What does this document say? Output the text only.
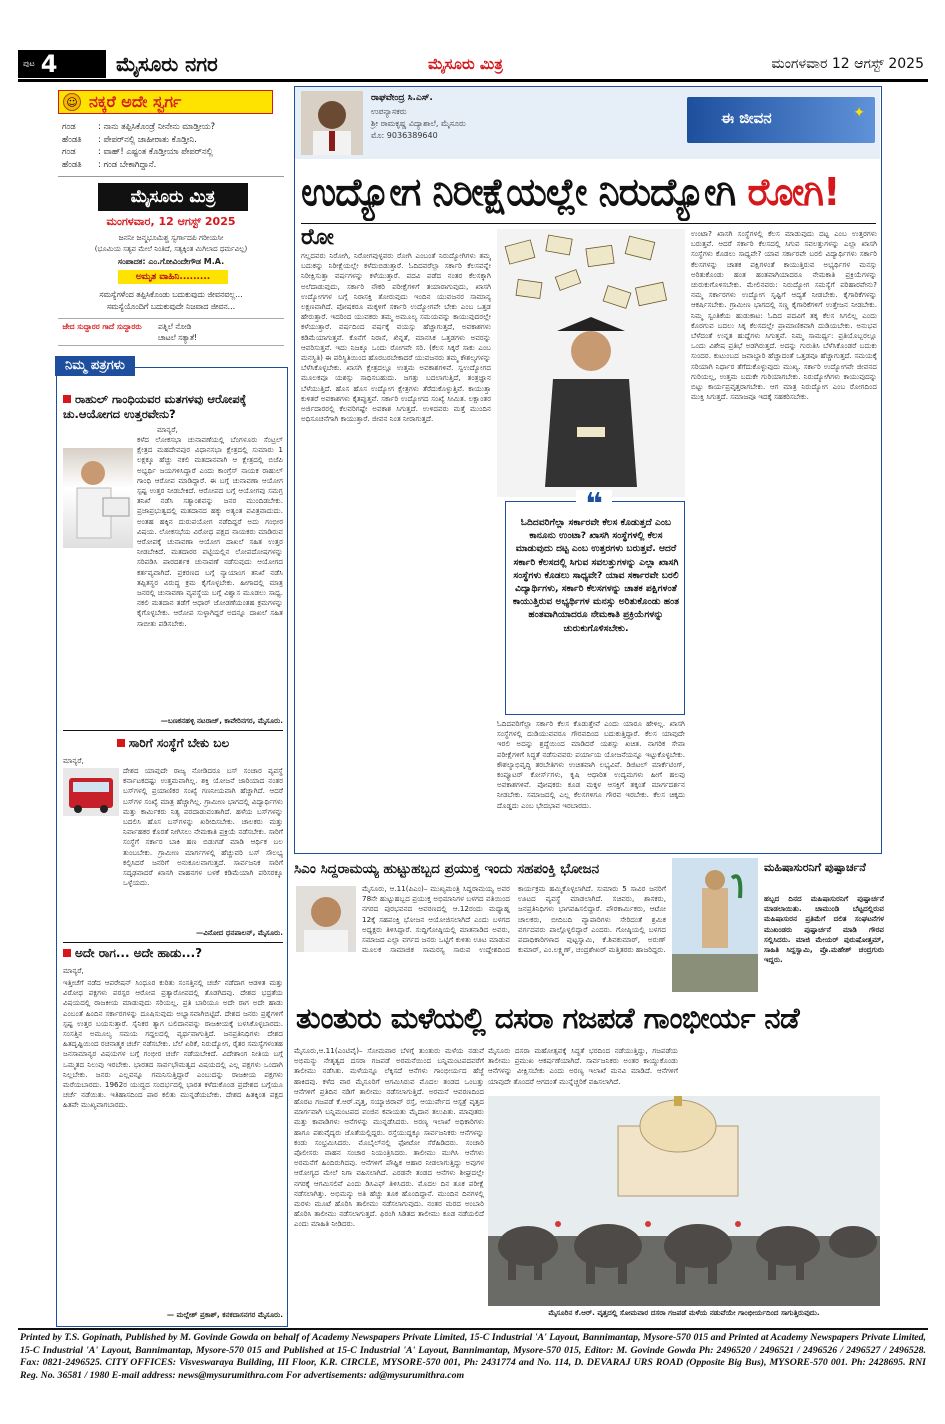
ಪುಟ 4	ಮೈಸೂರು ನಗರ	ಮೈಸೂರು ಮಿತ್ರ	ಮಂಗಳವಾರ 12 ಆಗಸ್ಟ್ 2025
☺ ನಕ್ಕರೆ ಅದೇ ಸ್ವರ್ಗ
ಗಂಡ	: ನಾನು ತಪ್ಪಿಸಿಕೊಂಡ್ರೆ ನೀನೇನು ಮಾಡ್ತೀಯ?
ಹೆಂಡತಿ : ಪೇಪರ್‌ನಲ್ಲಿ ಜಾಹೀರಾತು ಕೊಡ್ತೀನಿ.
ಗಂಡ	: ವಾಹ್! ಎಷ್ಟಂತ ಕೊಡ್ತೀಯಾ ಪೇಪರ್‌ನಲ್ಲಿ
ಹೆಂಡತಿ : ಗಂಡ ಬೇಕಾಗಿದ್ದಾನೆ.
ಮೈಸೂರು ಮಿತ್ರ
ಮಂಗಳವಾರ, 12 ಆಗಸ್ಟ್ 2025
ಜನನೀ ಜನ್ಮಭೂಮಿಶ್ಚ ಸ್ವರ್ಗಾದಪಿ ಗರೀಯಸೀ
(ಭೂಮಿಯ ಸತ್ಯವ ಮೇಲೆ ನಿಂತಿದೆ, ಸತ್ಯಕ್ಕಿಂತ ಮಿಗಿಲಾದ ಧರ್ಮವಿಲ್ಲ)
ಸಂಪಾದಕ: ಎಂ.ಗೋವಿಂದೇಗೌಡ M.A.
ಅಮೃತ ವಾಹಿನಿ.........
ಸಮಸ್ಯೆಗಳೆಂದ ತಪ್ಪಿಸಿಕೊಂಡು ಬದುಕುವುದು ಜೀವನವಲ್ಲ...
ಸಮಸ್ಯೆಯೊಂದಿಗೆ ಬದುಕುವುದೇ ನಿಜವಾದ ಜೀವನ...
ಜೇದ ಸುದ್ದಾರರ ಗಾದೆ ಸುದ್ದಾರರು ಪತ್ನಿಲೆ ನೋಡಿ
ಚಾಟಲೆ ಸತ್ಯಾತೆ!
ನಿಮ್ಮ ಪತ್ರಗಳು
ರಾಹುಲ್ ಗಾಂಧಿಯವರ ಮತಗಳವು ಆರೋಪಕ್ಕೆ ಚು.ಆಯೋಗದ ಉತ್ತರವೇನು?
ಮಾನ್ಯರೆ,
ಕಳೆದ ಲೋಕಸಭಾ ಚುನಾವಣೆಯಲ್ಲಿ ಬೆಂಗಳೂರು ಸೆಂಟ್ರಲ್ ಕ್ಷೇತ್ರದ ಮಹದೇವಪುರ ವಿಧಾನಸಭಾ ಕ್ಷೇತ್ರದಲ್ಲಿ ಸುಮಾರು 1 ಲಕ್ಷಕ್ಕೂ ಹೆಚ್ಚು ನಕಲಿ ಮತದಾನವಾಗಿ ಆ ಕ್ಷೇತ್ರದಲ್ಲಿ ಬಿಜೆಪಿ ಅಭ್ಯರ್ಥಿ ಜಯಗಳಿಸಿದ್ದಾರೆ ಎಂದು ಕಾಂಗ್ರೆಸ್ ನಾಯಕ ರಾಹುಲ್ ಗಾಂಧಿ ಆರೋಪ ಮಾಡಿದ್ದಾರೆ. ಈ ಬಗ್ಗೆ ಚುನಾವಣಾ ಆಯೋಗ ಸ್ಪಷ್ಟ ಉತ್ತರ ನೀಡಬೇಕಿದೆ. ಆರೋಪದ ಬಗ್ಗೆ ಆಯೋಗವು ಸಮಗ್ರ ತನಿಖೆ ನಡೆಸಿ ಸತ್ಯಾಂಶವನ್ನು ಜನರ ಮುಂದಿಡಬೇಕು. ಪ್ರಜಾಪ್ರಭುತ್ವದಲ್ಲಿ ಮತದಾನದ ಹಕ್ಕು ಅತ್ಯಂತ ಪವಿತ್ರವಾದುದು. ಅಂತಹ ಹಕ್ಕಿನ ದುರುಪಯೋಗ ನಡೆದಿದ್ದರೆ ಅದು ಗಂಭೀರ ವಿಷಯ. ಲೋಕಸಭೆಯ ವಿರೋಧ ಪಕ್ಷದ ನಾಯಕರು ಮಾಡಿರುವ ಆರೋಪಕ್ಕೆ ಚುನಾವಣಾ ಆಯೋಗ ದಾಖಲೆ ಸಹಿತ ಉತ್ತರ ನೀಡಬೇಕಿದೆ. ಮತದಾರರ ಪಟ್ಟಿಯಲ್ಲಿನ ಲೋಪದೋಷಗಳನ್ನು ಸರಿಪಡಿಸಿ ಪಾರದರ್ಶಕ ಚುನಾವಣೆ ನಡೆಸುವುದು ಆಯೋಗದ ಕರ್ತವ್ಯವಾಗಿದೆ. ಪ್ರಕರಣದ ಬಗ್ಗೆ ನ್ಯಾಯಾಂಗ ತನಿಖೆ ನಡೆಸಿ ತಪ್ಪಿತಸ್ಥರ ವಿರುದ್ಧ ಕ್ರಮ ಕೈಗೊಳ್ಳಬೇಕು. ಹೀಗಾದಲ್ಲಿ ಮಾತ್ರ ಜನರಲ್ಲಿ ಚುನಾವಣಾ ವ್ಯವಸ್ಥೆಯ ಬಗ್ಗೆ ವಿಶ್ವಾಸ ಮೂಡಲು ಸಾಧ್ಯ. ನಕಲಿ ಮತದಾನ ತಡೆಗೆ ಆಧಾರ್ ಜೋಡಣೆಯಂತಹ ಕ್ರಮಗಳನ್ನು ಕೈಗೊಳ್ಳಬೇಕು. ಆರೋಪ ಸುಳ್ಳಾಗಿದ್ದರೆ ಅದನ್ನೂ ದಾಖಲೆ ಸಹಿತ ಸಾಬೀತು ಪಡಿಸಬೇಕು.
—ಬಣಕನಹಳ್ಳಿ ನಟರಾಜ್, ಕಾವೇರಿನಗರ, ಮೈಸೂರು.
ಸಾರಿಗೆ ಸಂಸ್ಥೆಗೆ ಬೇಕು ಬಲ
ಮಾನ್ಯರೆ,
ದೇಶದ ಯಾವುದೇ ರಾಜ್ಯ ನೋಡಿದರೂ ಬಸ್ ಸಂಚಾರ ವ್ಯವಸ್ಥೆ ಕರ್ನಾಟಕದಷ್ಟು ಉತ್ತಮವಾಗಿಲ್ಲ. ಶಕ್ತಿ ಯೋಜನೆ ಜಾರಿಯಾದ ನಂತರ ಬಸ್‌ಗಳಲ್ಲಿ ಪ್ರಯಾಣಿಕರ ಸಂಖ್ಯೆ ಗಣನೀಯವಾಗಿ ಹೆಚ್ಚಾಗಿದೆ. ಆದರೆ ಬಸ್‌ಗಳ ಸಂಖ್ಯೆ ಮಾತ್ರ ಹೆಚ್ಚಾಗಿಲ್ಲ. ಗ್ರಾಮೀಣ ಭಾಗದಲ್ಲಿ ವಿದ್ಯಾರ್ಥಿಗಳು ಮತ್ತು ಕಾರ್ಮಿಕರು ನಿತ್ಯ ಪರದಾಡುವಂತಾಗಿದೆ. ಹಳೆಯ ಬಸ್‌ಗಳನ್ನು ಬದಲಿಸಿ ಹೊಸ ಬಸ್‌ಗಳನ್ನು ಖರೀದಿಸಬೇಕು. ಚಾಲಕರು ಮತ್ತು ನಿರ್ವಾಹಕರ ಕೊರತೆ ನೀಗಿಸಲು ನೇಮಕಾತಿ ಪ್ರಕ್ರಿಯೆ ನಡೆಸಬೇಕು. ಸಾರಿಗೆ ಸಂಸ್ಥೆಗೆ ಸರ್ಕಾರ ಬಾಕಿ ಹಣ ಬಿಡುಗಡೆ ಮಾಡಿ ಆರ್ಥಿಕ ಬಲ ತುಂಬಬೇಕು. ಗ್ರಾಮೀಣ ಮಾರ್ಗಗಳಲ್ಲಿ ಹೆಚ್ಚುವರಿ ಬಸ್ ಸೌಲಭ್ಯ ಕಲ್ಪಿಸಿದರೆ ಜನರಿಗೆ ಅನುಕೂಲವಾಗುತ್ತದೆ. ಸಾರ್ವಜನಿಕ ಸಾರಿಗೆ ಸದೃಢವಾದರೆ ಖಾಸಗಿ ವಾಹನಗಳ ಬಳಕೆ ಕಡಿಮೆಯಾಗಿ ಪರಿಸರಕ್ಕೂ ಒಳ್ಳೆಯದು.
—ವಿನೋದ ಧನಪಾಲನ್, ಮೈಸೂರು.
ಅದೇ ರಾಗ... ಅದೇ ಹಾಡು...?
ಮಾನ್ಯರೆ,
ಇತ್ತೀಚೆಗೆ ನಡೆದ ಆಪರೇಷನ್ ಸಿಂಧೂರ ಕುರಿತು ಸಂಸತ್ತಿನಲ್ಲಿ ಚರ್ಚೆ ನಡೆದಾಗ ಆಡಳಿತ ಮತ್ತು ವಿರೋಧ ಪಕ್ಷಗಳು ಪರಸ್ಪರ ಆರೋಪ ಪ್ರತ್ಯಾರೋಪದಲ್ಲಿ ತೊಡಗಿದವು. ದೇಶದ ಭದ್ರತೆಯ ವಿಷಯದಲ್ಲಿ ರಾಜಕೀಯ ಮಾಡುವುದು ಸರಿಯಲ್ಲ. ಪ್ರತಿ ಬಾರಿಯೂ ಅದೇ ರಾಗ ಅದೇ ಹಾಡು ಎಂಬಂತೆ ಹಿಂದಿನ ಸರ್ಕಾರಗಳನ್ನು ದೂಷಿಸುವುದು ಅಭ್ಯಾಸವಾಗಿಬಿಟ್ಟಿದೆ. ದೇಶದ ಜನರು ಪ್ರಶ್ನೆಗಳಿಗೆ ಸ್ಪಷ್ಟ ಉತ್ತರ ಬಯಸುತ್ತಾರೆ. ಸೈನಿಕರ ತ್ಯಾಗ ಬಲಿದಾನವನ್ನು ರಾಜಕೀಯಕ್ಕೆ ಬಳಸಿಕೊಳ್ಳಬಾರದು. ಸಂಸತ್ತಿನ ಅಮೂಲ್ಯ ಸಮಯ ಗದ್ದಲದಲ್ಲಿ ವ್ಯರ್ಥವಾಗುತ್ತಿದೆ. ಜನಪ್ರತಿನಿಧಿಗಳು ದೇಶದ ಹಿತದೃಷ್ಟಿಯಿಂದ ರಚನಾತ್ಮಕ ಚರ್ಚೆ ನಡೆಸಬೇಕು. ಬೆಲೆ ಏರಿಕೆ, ನಿರುದ್ಯೋಗ, ರೈತರ ಸಮಸ್ಯೆಗಳಂತಹ ಜನಸಾಮಾನ್ಯರ ವಿಷಯಗಳ ಬಗ್ಗೆ ಗಂಭೀರ ಚರ್ಚೆ ನಡೆಯಬೇಕಿದೆ. ವಿದೇಶಾಂಗ ನೀತಿಯ ಬಗ್ಗೆ ಒಮ್ಮತದ ನಿಲುವು ಇರಬೇಕು. ಭಾರತದ ಸಾರ್ವಭೌಮತ್ವದ ವಿಷಯದಲ್ಲಿ ಎಲ್ಲ ಪಕ್ಷಗಳು ಒಂದಾಗಿ ನಿಲ್ಲಬೇಕು. ಜನರು ಎಲ್ಲವನ್ನೂ ಗಮನಿಸುತ್ತಿದ್ದಾರೆ ಎಂಬುದನ್ನು ರಾಜಕೀಯ ಪಕ್ಷಗಳು ಮರೆಯಬಾರದು. 1962ರ ಯುದ್ಧದ ಸಂದರ್ಭದಲ್ಲಿ ಭಾರತ ಕಳೆದುಕೊಂಡ ಪ್ರದೇಶದ ಬಗ್ಗೆಯೂ ಚರ್ಚೆ ನಡೆಯಿತು. ಇತಿಹಾಸದಿಂದ ಪಾಠ ಕಲಿತು ಮುನ್ನಡೆಯಬೇಕು. ದೇಶದ ಹಿತಕ್ಕಿಂತ ಪಕ್ಷದ ಹಿತವೇ ಮುಖ್ಯವಾಗಬಾರದು.
— ಮಲ್ಲೇಶ್ ಪ್ರಕಾಶ್, ಕನಕದಾಸನಗರ ಮೈಸೂರು.
ರಾಘವೇಂದ್ರ ಸಿ.ಎಸ್.
ಉಪನ್ಯಾಸಕರು
ಶ್ರೀ ರಾಮಕೃಷ್ಣ ವಿದ್ಯಾಶಾಲೆ, ಮೈಸೂರು
ಮೊ: 9036389640
ಈ ಜೀವನ	✦
ಉದ್ಯೋಗ ನಿರೀಕ್ಷೆಯಲ್ಲೇ ನಿರುದ್ಯೋಗಿ ರೋಗಿ!
ರೋ
ಗಲ್ಲದವರು ನಿರೋಗಿ, ನಿರೋಗವುಳ್ಳವರು ರೋಗಿ ಎಂಬಂತೆ ನಿರುದ್ಯೋಗಿಗಳು ತಮ್ಮ ಬದುಕನ್ನು ನಿರೀಕ್ಷೆಯಲ್ಲೇ ಕಳೆದುಬಿಡುತ್ತಾರೆ. ಓದಿದವರೆಲ್ಲಾ ಸರ್ಕಾರಿ ಕೆಲಸವನ್ನೇ ನಿರೀಕ್ಷಿಸುತ್ತಾ ವರ್ಷಗಳನ್ನು ಕಳೆಯುತ್ತಾರೆ. ಪದವಿ ಪಡೆದ ನಂತರ ಕೆಲಸಕ್ಕಾಗಿ ಅಲೆದಾಡುವುದು, ಸರ್ಕಾರಿ ನೌಕರಿ ಪರೀಕ್ಷೆಗಳಿಗೆ ತಯಾರಾಗುವುದು, ಖಾಸಗಿ ಉದ್ಯೋಗಗಳ ಬಗ್ಗೆ ನಿರಾಸಕ್ತಿ ತೋರುವುದು ಇಂದಿನ ಯುವಜನರ ಸಾಮಾನ್ಯ ಲಕ್ಷಣವಾಗಿದೆ. ಪೋಷಕರೂ ಮಕ್ಕಳಿಗೆ ಸರ್ಕಾರಿ ಉದ್ಯೋಗವೇ ಬೇಕು ಎಂಬ ಒತ್ತಡ ಹೇರುತ್ತಾರೆ. ಇದರಿಂದ ಯುವಕರು ತಮ್ಮ ಅಮೂಲ್ಯ ಸಮಯವನ್ನು ಕಾಯುವುದರಲ್ಲೇ ಕಳೆಯುತ್ತಾರೆ. ವರ್ಷದಿಂದ ವರ್ಷಕ್ಕೆ ವಯಸ್ಸು ಹೆಚ್ಚಾಗುತ್ತದೆ, ಅವಕಾಶಗಳು ಕಡಿಮೆಯಾಗುತ್ತವೆ. ಕೊನೆಗೆ ನಿರಾಸೆ, ಖಿನ್ನತೆ, ಮಾನಸಿಕ ಒತ್ತಡಗಳು ಅವರನ್ನು ಆವರಿಸುತ್ತವೆ. ಇದು ನಿಜಕ್ಕೂ ಒಂದು ರೋಗವೇ ಸರಿ. (ಕೆಲಸ ಸಿಕ್ಕರೆ ಸಾಕು ಎಂಬ ಮನಸ್ಥಿತಿ) ಈ ಪರಿಸ್ಥಿತಿಯಿಂದ ಹೊರಬರಬೇಕಾದರೆ ಯುವಜನರು ತಮ್ಮ ಕೌಶಲ್ಯಗಳನ್ನು ಬೆಳೆಸಿಕೊಳ್ಳಬೇಕು. ಖಾಸಗಿ ಕ್ಷೇತ್ರದಲ್ಲೂ ಉತ್ತಮ ಅವಕಾಶಗಳಿವೆ. ಸ್ವಉದ್ಯೋಗದ ಮೂಲಕವೂ ಯಶಸ್ಸು ಸಾಧಿಸಬಹುದು. ಜಗತ್ತು ಬದಲಾಗುತ್ತಿದೆ, ತಂತ್ರಜ್ಞಾನ ಬೆಳೆಯುತ್ತಿದೆ. ಹೊಸ ಹೊಸ ಉದ್ಯೋಗ ಕ್ಷೇತ್ರಗಳು ತೆರೆದುಕೊಳ್ಳುತ್ತಿವೆ. ಕಾಯುತ್ತಾ ಕುಳಿತರೆ ಅವಕಾಶಗಳು ಕೈತಪ್ಪುತ್ತವೆ. ಸರ್ಕಾರಿ ಉದ್ಯೋಗದ ಸಂಖ್ಯೆ ಸೀಮಿತ. ಲಕ್ಷಾಂತರ ಅರ್ಜಿದಾರರಲ್ಲಿ ಕೆಲವರಿಗಷ್ಟೇ ಅವಕಾಶ ಸಿಗುತ್ತದೆ. ಉಳಿದವರು ಮತ್ತೆ ಮುಂದಿನ ಅಧಿಸೂಚನೆಗಾಗಿ ಕಾಯುತ್ತಾರೆ. ಜೀವನ ನಿಂತ ನೀರಾಗುತ್ತದೆ.
❝
ಓದಿದವರಿಗೆಲ್ಲಾ ಸರ್ಕಾರವೇ ಕೆಲಸ ಕೊಡುತ್ತದೆ ಎಂಬ ಕಾನೂನು ಉಂಟಾ? ಖಾಸಗಿ ಸಂಸ್ಥೆಗಳಲ್ಲಿ ಕೆಲಸ ಮಾಡುವುದು ದಟ್ಟ ಎಂಬ ಉತ್ತರಗಳು ಬರುತ್ತವೆ. ಆದರೆ ಸರ್ಕಾರಿ ಕೆಲಸದಲ್ಲಿ ಸಿಗುವ ಸವಲತ್ತುಗಳನ್ನು ಎಲ್ಲಾ ಖಾಸಗಿ ಸಂಸ್ಥೆಗಳು ಕೊಡಲು ಸಾಧ್ಯವೇ? ಯಾವ ಸರ್ಕಾರವೇ ಬರಲಿ ವಿದ್ಯಾರ್ಥಿಗಳು, ಸರ್ಕಾರಿ ಕೆಲಸಗಳನ್ನು ಚಾತಕ ಪಕ್ಷಿಗಳಂತೆ ಕಾಯುತ್ತಿರುವ ಅಭ್ಯರ್ಥಿಗಳ ಮನಸ್ಸು ಅರಿತುಕೊಂಡು ಹಂತ ಹಂತವಾಗಿಯಾದರೂ ನೇಮಕಾತಿ ಪ್ರಕ್ರಿಯೆಗಳನ್ನು ಚುರುಕುಗೊಳಿಸಬೇಕು.
ಓದಿದವರಿಗೆಲ್ಲಾ ಸರ್ಕಾರಿ ಕೆಲಸ ಕೊಡುತ್ತೇವೆ ಎಂದು ಯಾರೂ ಹೇಳಿಲ್ಲ. ಖಾಸಗಿ ಸಂಸ್ಥೆಗಳಲ್ಲಿ ದುಡಿಯುವವರೂ ಗೌರವದಿಂದ ಬದುಕುತ್ತಿದ್ದಾರೆ. ಕೆಲಸ ಯಾವುದೇ ಇರಲಿ ಅದನ್ನು ಶ್ರದ್ಧೆಯಿಂದ ಮಾಡಿದರೆ ಯಶಸ್ಸು ಖಚಿತ. ನಾಗರಿಕ ಸೇವಾ ಪರೀಕ್ಷೆಗಳಿಗೆ ಸಿದ್ಧತೆ ನಡೆಸುವವರು ಪರ್ಯಾಯ ಯೋಜನೆಯನ್ನೂ ಇಟ್ಟುಕೊಳ್ಳಬೇಕು. ಕೌಶಲ್ಯಾಭಿವೃದ್ಧಿ ತರಬೇತಿಗಳು ಉಚಿತವಾಗಿ ಲಭ್ಯವಿವೆ. ಡಿಜಿಟಲ್ ಮಾರ್ಕೆಟಿಂಗ್, ಕಂಪ್ಯೂಟರ್ ಕೋರ್ಸ್‌ಗಳು, ಕೃಷಿ ಆಧಾರಿತ ಉದ್ಯಮಗಳು ಹೀಗೆ ಹಲವು ಅವಕಾಶಗಳಿವೆ. ಪೋಷಕರು ಕೂಡ ಮಕ್ಕಳ ಆಸಕ್ತಿಗೆ ತಕ್ಕಂತೆ ಮಾರ್ಗದರ್ಶನ ನೀಡಬೇಕು. ಸಮಾಜದಲ್ಲಿ ಎಲ್ಲ ಕೆಲಸಗಳಿಗೂ ಗೌರವ ಇರಬೇಕು. ಕೆಲಸ ಚಿಕ್ಕದು ದೊಡ್ಡದು ಎಂಬ ಭೇದಭಾವ ಇರಬಾರದು.
ಉಂಟಾ? ಖಾಸಗಿ ಸಂಸ್ಥೆಗಳಲ್ಲಿ ಕೆಲಸ ಮಾಡುವುದು ದಟ್ಟ ಎಂಬ ಉತ್ತರಗಳು ಬರುತ್ತವೆ. ಆದರೆ ಸರ್ಕಾರಿ ಕೆಲಸದಲ್ಲಿ ಸಿಗುವ ಸವಲತ್ತುಗಳನ್ನು ಎಲ್ಲಾ ಖಾಸಗಿ ಸಂಸ್ಥೆಗಳು ಕೊಡಲು ಸಾಧ್ಯವೇ? ಯಾವ ಸರ್ಕಾರವೇ ಬರಲಿ ವಿದ್ಯಾರ್ಥಿಗಳು ಸರ್ಕಾರಿ ಕೆಲಸಗಳನ್ನು ಚಾತಕ ಪಕ್ಷಿಗಳಂತೆ ಕಾಯುತ್ತಿರುವ ಅಭ್ಯರ್ಥಿಗಳ ಮನಸ್ಸು ಅರಿತುಕೊಂಡು ಹಂತ ಹಂತವಾಗಿಯಾದರೂ ನೇಮಕಾತಿ ಪ್ರಕ್ರಿಯೆಗಳನ್ನು ಚುರುಕುಗೊಳಿಸಬೇಕು. ಮೇಲಿನವರು: ನಿರುದ್ಯೋಗ ಸಮಸ್ಯೆಗೆ ಪರಿಹಾರವೇನು? ನಮ್ಮ ಸರ್ಕಾರಗಳು ಉದ್ಯೋಗ ಸೃಷ್ಟಿಗೆ ಆದ್ಯತೆ ನೀಡಬೇಕು. ಕೈಗಾರಿಕೆಗಳನ್ನು ಆಕರ್ಷಿಸಬೇಕು. ಗ್ರಾಮೀಣ ಭಾಗದಲ್ಲಿ ಸಣ್ಣ ಕೈಗಾರಿಕೆಗಳಿಗೆ ಉತ್ತೇಜನ ನೀಡಬೇಕು. ನಿಮ್ಮ ಸ್ವಂತಿಕೆಯ ಹುಡುಕಾಟ: ಓದಿದ ಪದವಿಗೆ ತಕ್ಕ ಕೆಲಸ ಸಿಗಲಿಲ್ಲ ಎಂದು ಕೊರಗುವ ಬದಲು ಸಿಕ್ಕ ಕೆಲಸದಲ್ಲೇ ಪ್ರಾಮಾಣಿಕವಾಗಿ ದುಡಿಯಬೇಕು. ಅನುಭವ ಬೆಳೆದಂತೆ ಉನ್ನತ ಹುದ್ದೆಗಳು ಸಿಗುತ್ತವೆ. ನಿಮ್ಮ ಸಾಮರ್ಥ್ಯ: ಪ್ರತಿಯೊಬ್ಬರಲ್ಲೂ ಒಂದು ವಿಶೇಷ ಪ್ರತಿಭೆ ಅಡಗಿರುತ್ತದೆ. ಅದನ್ನು ಗುರುತಿಸಿ ಬೆಳೆಸಿಕೊಂಡರೆ ಬದುಕು ಸುಂದರ. ಕುಟುಂಬದ ಜವಾಬ್ದಾರಿ ಹೆಚ್ಚಾದಂತೆ ಒತ್ತಡವೂ ಹೆಚ್ಚಾಗುತ್ತದೆ. ಸಮಯಕ್ಕೆ ಸರಿಯಾಗಿ ನಿರ್ಧಾರ ತೆಗೆದುಕೊಳ್ಳುವುದು ಮುಖ್ಯ. ಸರ್ಕಾರಿ ಉದ್ಯೋಗವೇ ಜೀವನದ ಗುರಿಯಲ್ಲ, ಉತ್ತಮ ಬದುಕೇ ಗುರಿಯಾಗಬೇಕು. ನಿರುದ್ಯೋಗಿಗಳು ಕಾಯುವುದನ್ನು ಬಿಟ್ಟು ಕಾರ್ಯಪ್ರವೃತ್ತರಾಗಬೇಕು. ಆಗ ಮಾತ್ರ ನಿರುದ್ಯೋಗ ಎಂಬ ರೋಗದಿಂದ ಮುಕ್ತಿ ಸಿಗುತ್ತದೆ. ಸಮಾಜವೂ ಇದಕ್ಕೆ ಸಹಕರಿಸಬೇಕು.
ಸಿಎಂ ಸಿದ್ದರಾಮಯ್ಯ ಹುಟ್ಟುಹಬ್ಬದ ಪ್ರಯುಕ್ತ ಇಂದು ಸಹಪಂಕ್ತಿ ಭೋಜನ
ಮೈಸೂರು, ಆ.11(ಪಿಎಂ)– ಮುಖ್ಯಮಂತ್ರಿ ಸಿದ್ದರಾಮಯ್ಯ ಅವರ 78ನೇ ಹುಟ್ಟುಹಬ್ಬದ ಪ್ರಯುಕ್ತ ಅಭಿಮಾನಿಗಳ ಬಳಗದ ವತಿಯಿಂದ ನಗರದ ಪುರಭವನದ ಆವರಣದಲ್ಲಿ ಆ.12ರಂದು ಮಧ್ಯಾಹ್ನ 12ಕ್ಕೆ ಸಹಪಂಕ್ತಿ ಭೋಜನ ಆಯೋಜಿಸಲಾಗಿದೆ ಎಂದು ಬಳಗದ ಅಧ್ಯಕ್ಷರು ತಿಳಿಸಿದ್ದಾರೆ. ಸುದ್ದಿಗೋಷ್ಠಿಯಲ್ಲಿ ಮಾತನಾಡಿದ ಅವರು, ಸಮಾಜದ ಎಲ್ಲಾ ವರ್ಗದ ಜನರು ಒಟ್ಟಿಗೆ ಕುಳಿತು ಊಟ ಮಾಡುವ ಮೂಲಕ ಸಾಮಾಜಿಕ ಸಾಮರಸ್ಯ ಸಾರುವ ಉದ್ದೇಶದಿಂದ ಕಾರ್ಯಕ್ರಮ ಹಮ್ಮಿಕೊಳ್ಳಲಾಗಿದೆ. ಸುಮಾರು 5 ಸಾವಿರ ಜನರಿಗೆ ಊಟದ ವ್ಯವಸ್ಥೆ ಮಾಡಲಾಗಿದೆ. ಸಚಿವರು, ಶಾಸಕರು, ಜನಪ್ರತಿನಿಧಿಗಳು ಭಾಗವಹಿಸಲಿದ್ದಾರೆ. ಪೌರಕಾರ್ಮಿಕರು, ಆಟೋ ಚಾಲಕರು, ಬೀದಿಬದಿ ವ್ಯಾಪಾರಿಗಳು ಸೇರಿದಂತೆ ಶ್ರಮಿಕ ವರ್ಗದವರು ಪಾಲ್ಗೊಳ್ಳಲಿದ್ದಾರೆ ಎಂದರು. ಗೋಷ್ಠಿಯಲ್ಲಿ ಬಳಗದ ಪದಾಧಿಕಾರಿಗಳಾದ ಪುಟ್ಟಸ್ವಾಮಿ, ಕೆ.ಶಿವಕುಮಾರ್, ಅರುಣ್ ಕುಮಾರ್, ಎಂ.ಲಕ್ಷ್ಮಣ್, ಚಂದ್ರಶೇಖರ್ ಮತ್ತಿತರರು ಹಾಜರಿದ್ದರು.
ಮಹಿಷಾಸುರನಿಗೆ ಪುಷ್ಪಾರ್ಚನೆ
ಹಬ್ಬದ ದಿನದ ಮಹಿಷಾಸುರನಿಗೆ ಪುಷ್ಪಾರ್ಚನೆ ಮಾಡಲಾಯಿತು. ಚಾಮುಂಡಿ ಬೆಟ್ಟದಲ್ಲಿರುವ ಮಹಿಷಾಸುರನ ಪ್ರತಿಮೆಗೆ ದಲಿತ ಸಂಘಟನೆಗಳ ಮುಖಂಡರು ಪುಷ್ಪಾರ್ಚನೆ ಮಾಡಿ ಗೌರವ ಸಲ್ಲಿಸಿದರು. ಮಾಜಿ ಮೇಯರ್ ಪುರುಷೋತ್ತಮ್, ಸಾಹಿತಿ ಸಿದ್ದಸ್ವಾಮಿ, ಪ್ರೊ.ಮಹೇಶ್ ಚಂದ್ರಗುರು ಇದ್ದರು.
ತುಂತುರು ಮಳೆಯಲ್ಲಿ ದಸರಾ ಗಜಪಡೆ ಗಾಂಭೀರ್ಯ ನಡೆ
ಮೈಸೂರು,ಆ.11(ಎಂಟಿವೈ)– ಸೋಮವಾರ ಬೆಳಗ್ಗೆ ತುಂತುರು ಮಳೆಯ ನಡುವೆ ಅಭಿಮನ್ಯು ನೇತೃತ್ವದ ದಸರಾ ಗಜಪಡೆ ಅರಮನೆಯಿಂದ ಬನ್ನಿಮಂಟಪದವರೆಗೆ ತಾಲೀಮು ನಡೆಸಿತು. ಮಳೆಯನ್ನೂ ಲೆಕ್ಕಿಸದೆ ಆನೆಗಳು ಗಾಂಭೀರ್ಯದ ಹೆಜ್ಜೆ ಹಾಕಿದವು. ಕಳೆದ ವಾರ ಮೈಸೂರಿಗೆ ಆಗಮಿಸಿರುವ ಮೊದಲ ತಂಡದ ಒಂಬತ್ತು ಆನೆಗಳಿಗೆ ಪ್ರತಿದಿನ ನಡಿಗೆ ತಾಲೀಮು ನಡೆಸಲಾಗುತ್ತಿದೆ. ಅರಮನೆ ಆವರಣದಿಂದ ಹೊರಟ ಗಜಪಡೆ ಕೆ.ಆರ್.ವೃತ್ತ, ಸಯ್ಯಾಜಿರಾವ್ ರಸ್ತೆ, ಆಯುರ್ವೇದ ಆಸ್ಪತ್ರೆ ವೃತ್ತದ ಮಾರ್ಗವಾಗಿ ಬನ್ನಿಮಂಟಪದ ಪಂಜಿನ ಕವಾಯತು ಮೈದಾನ ತಲುಪಿತು. ಮಾವುತರು ಮತ್ತು ಕಾವಾಡಿಗಳು ಆನೆಗಳನ್ನು ಮುನ್ನಡೆಸಿದರು. ಅರಣ್ಯ ಇಲಾಖೆ ಅಧಿಕಾರಿಗಳು ಹಾಗೂ ಪಶುವೈದ್ಯರು ಜೊತೆಯಲ್ಲಿದ್ದರು. ರಸ್ತೆಯುದ್ದಕ್ಕೂ ಸಾರ್ವಜನಿಕರು ಆನೆಗಳನ್ನು ಕಂಡು ಸಂಭ್ರಮಿಸಿದರು. ಮೊಬೈಲ್‌ನಲ್ಲಿ ಫೋಟೋ ಸೆರೆಹಿಡಿದರು. ಸಂಚಾರಿ ಪೊಲೀಸರು ವಾಹನ ಸಂಚಾರ ನಿಯಂತ್ರಿಸಿದರು. ತಾಲೀಮು ಮುಗಿಸಿ ಆನೆಗಳು ಅರಮನೆಗೆ ಹಿಂದಿರುಗಿದವು. ಆನೆಗಳಿಗೆ ಪೌಷ್ಟಿಕ ಆಹಾರ ನೀಡಲಾಗುತ್ತಿದ್ದು ಅವುಗಳ ಆರೋಗ್ಯದ ಮೇಲೆ ನಿಗಾ ವಹಿಸಲಾಗಿದೆ. ಎರಡನೇ ತಂಡದ ಆನೆಗಳು ಶೀಘ್ರದಲ್ಲೇ ನಗರಕ್ಕೆ ಆಗಮಿಸಲಿವೆ ಎಂದು ಡಿಸಿಎಫ್ ತಿಳಿಸಿದರು. ಮೊದಲ ದಿನ ತೂಕ ಪರೀಕ್ಷೆ ನಡೆಸಲಾಗಿತ್ತು. ಅಭಿಮನ್ಯು ಅತಿ ಹೆಚ್ಚು ತೂಕ ಹೊಂದಿದ್ದಾನೆ. ಮುಂದಿನ ದಿನಗಳಲ್ಲಿ ಮರಳು ಮೂಟೆ ಹೊರಿಸಿ ತಾಲೀಮು ನಡೆಸಲಾಗುವುದು. ನಂತರ ಮರದ ಅಂಬಾರಿ ಹೊರಿಸಿ ತಾಲೀಮು ನಡೆಸಲಾಗುತ್ತದೆ. ಫಿರಂಗಿ ಸಿಡಿತದ ತಾಲೀಮು ಕೂಡ ನಡೆಯಲಿದೆ ಎಂದು ಮಾಹಿತಿ ನೀಡಿದರು.
ಮೈಸೂರು ದಸರಾ ಮಹೋತ್ಸವಕ್ಕೆ ಸಿದ್ಧತೆ ಭರದಿಂದ ನಡೆಯುತ್ತಿದ್ದು, ಗಜಪಡೆಯ ತಾಲೀಮು ಪ್ರಮುಖ ಆಕರ್ಷಣೆಯಾಗಿದೆ. ಸಾರ್ವಜನಿಕರು ಅಂತರ ಕಾಯ್ದುಕೊಂಡು ಆನೆಗಳನ್ನು ವೀಕ್ಷಿಸಬೇಕು ಎಂದು ಅರಣ್ಯ ಇಲಾಖೆ ಮನವಿ ಮಾಡಿದೆ. ಆನೆಗಳಿಗೆ ಯಾವುದೇ ತೊಂದರೆ ಆಗದಂತೆ ಮುನ್ನೆಚ್ಚರಿಕೆ ವಹಿಸಲಾಗಿದೆ.
ಮೈಸೂರಿನ ಕೆ.ಆರ್. ವೃತ್ತದಲ್ಲಿ ಸೋಮವಾರ ದಸರಾ ಗಜಪಡೆ ಮಳೆಯ ನಡುವೆಯೇ ಗಾಂಭೀರ್ಯದಿಂದ ಸಾಗುತ್ತಿರುವುದು.
Printed by T.S. Gopinath, Published by M. Govinde Gowda on behalf of Academy Newspapers Private Limited, 15-C Industrial 'A' Layout, Bannimantap, Mysore-570 015 and Printed at Academy Newspapers Private Limited, 15-C Industrial 'A' Layout, Bannimantap, Mysore-570 015 and Published at 15-C Industrial 'A' Layout, Bannimantap, Mysore-570 015, Editor: M. Govinde Gowda Ph: 2496520 / 2496521 / 2496526 / 2496527 / 2496528. Fax: 0821-2496525. CITY OFFICES: Visveswaraya Building, III Floor, K.R. CIRCLE, MYSORE-570 001, Ph: 2431774 and No. 114, D. DEVARAJ URS ROAD (Opposite Big Bus), MYSORE-570 001. Ph: 2428695. RNI Reg. No. 36581 / 1980 E-mail address: news@mysurumithra.com For advertisements: ad@mysurumithra.com
